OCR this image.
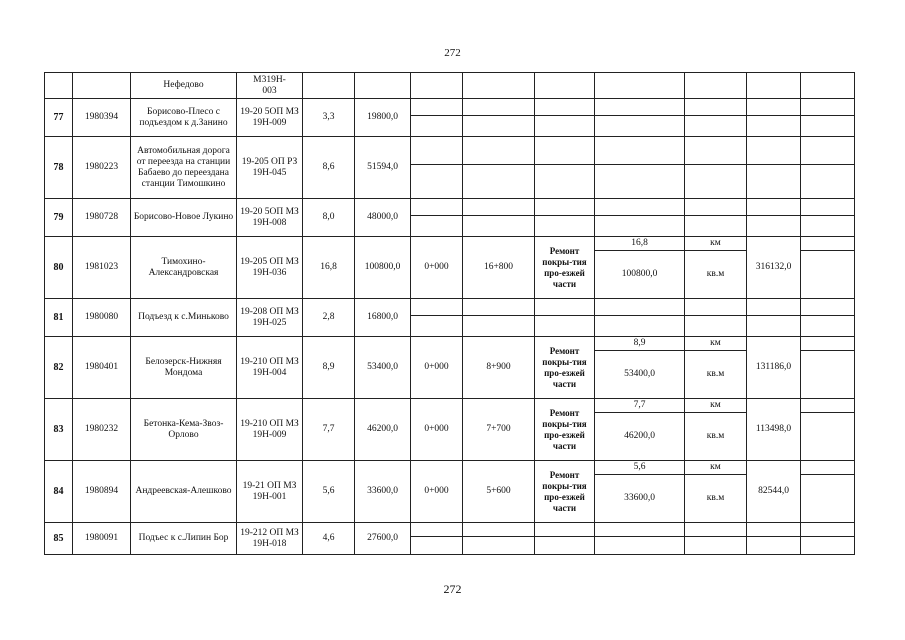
272
		Нефедово	М319Н-
003									
77	1980394	Борисово-Плесо с подъездом к д.Занино	19-20 5ОП МЗ 19Н-009	3,3	19800,0							

78	1980223	Автомобильная дорога от переезда на станции Бабаево до переездана станции Тимошкино	19-205 ОП РЗ 19Н-045	8,6	51594,0							

79	1980728	Борисово-Новое Лукино	19-20 5ОП МЗ 19Н-008	8,0	48000,0							

80	1981023	Тимохино-Александровская	19-205 ОП МЗ 19Н-036	16,8	100800,0	0+000	16+800	Ремонт покры-тия про-езжей части	16,8	км	316132,0	
									100800,0	кв.м		
81	1980080	Подъезд к с.Миньково	19-208 ОП МЗ 19Н-025	2,8	16800,0							

82	1980401	Белозерск-Нижняя Мондома	19-210 ОП МЗ 19Н-004	8,9	53400,0	0+000	8+900	Ремонт покры-тия про-езжей части	8,9	км	131186,0	
									53400,0	кв.м		
83	1980232	Бетонка-Кема-Звоз-Орлово	19-210 ОП МЗ 19Н-009	7,7	46200,0	0+000	7+700	Ремонт покры-тия про-езжей части	7,7	км	113498,0	
									46200,0	кв.м		
84	1980894	Андреевская-Алешково	19-21 ОП МЗ 19Н-001	5,6	33600,0	0+000	5+600	Ремонт покры-тия про-езжей части	5,6	км	82544,0	
									33600,0	кв.м		
85	1980091	Подъес к с.Липин Бор	19-212 ОП МЗ 19Н-018	4,6	27600,0							

272
